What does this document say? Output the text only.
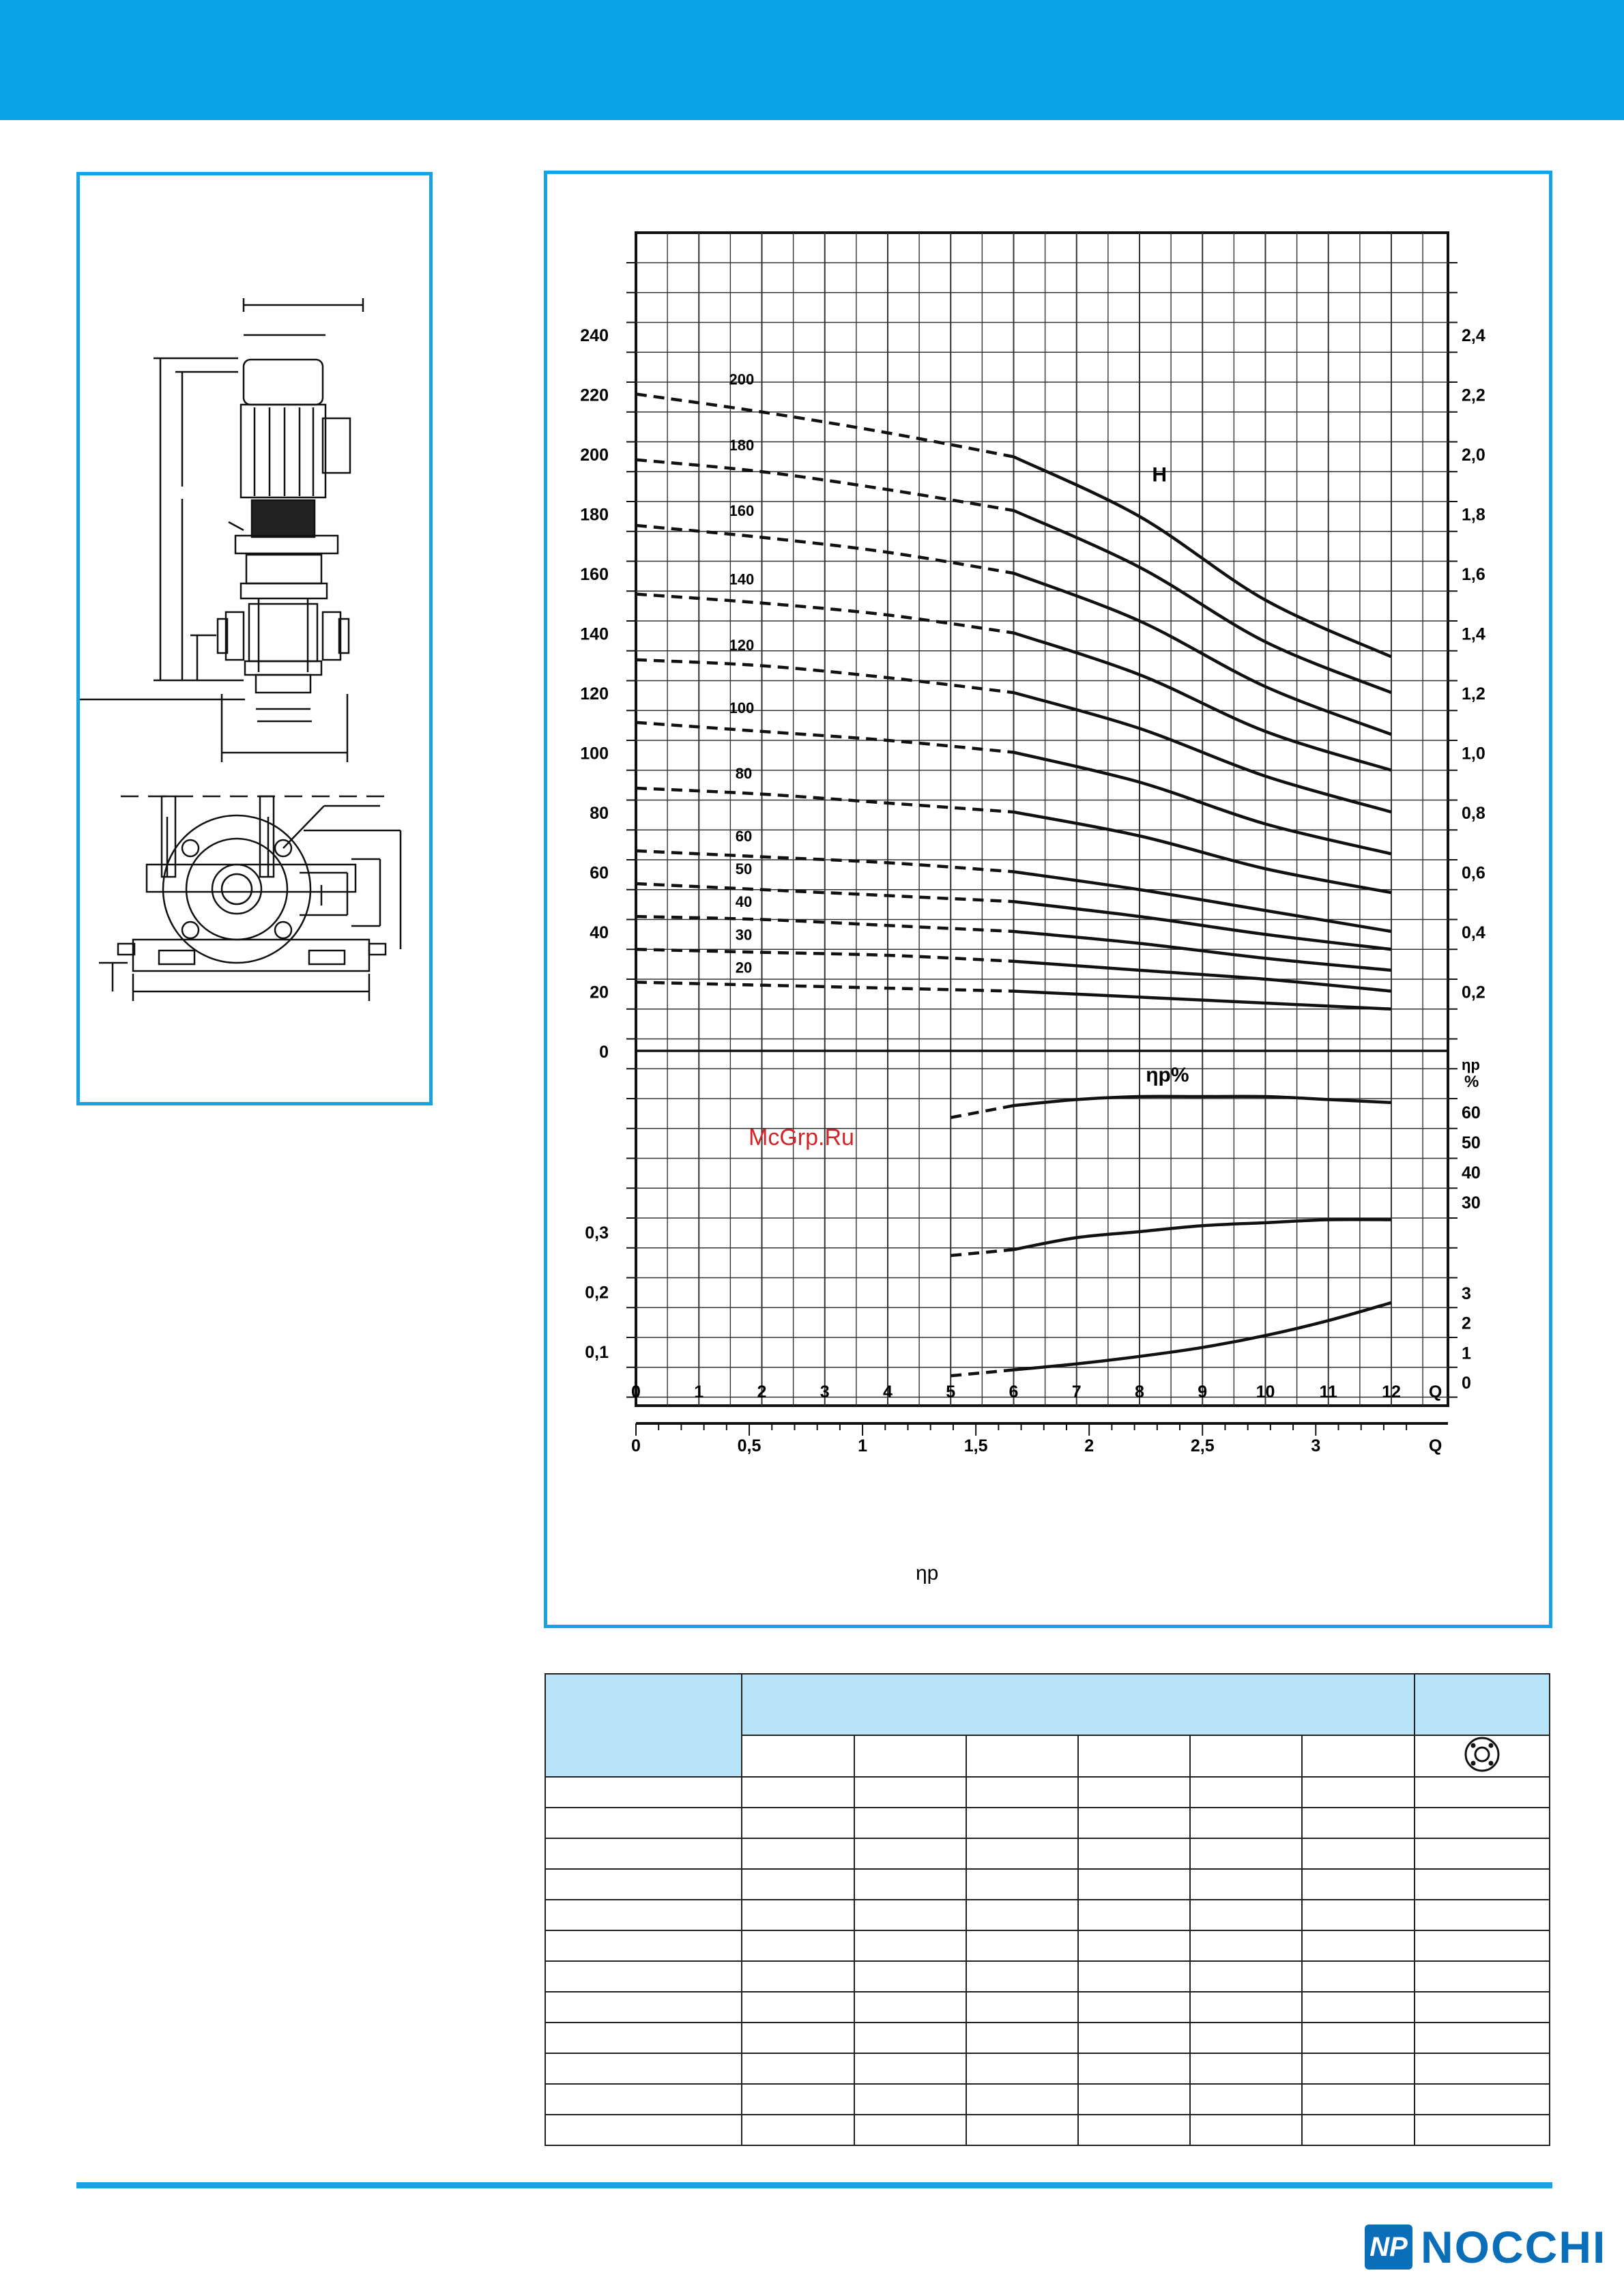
0
20
40
60
80
100
120
140
160
180
200
220
240
0,2
0,4
0,6
0,8
1,0
1,2
1,4
1,6
1,8
2,0
2,2
2,4
H
200
180
160
140
120
100
80
60
50
40
30
20
30
40
50
60
ηp
%
ηp%
0,1
0,2
0,3
0
1
2
3
0	1	2	3	4	5	6	7	8	9	10	11	12 Q
0	0,5	1	1,5	2	2,5	3	Q
ηp
McGrp.Ru

NP NOCCHI
